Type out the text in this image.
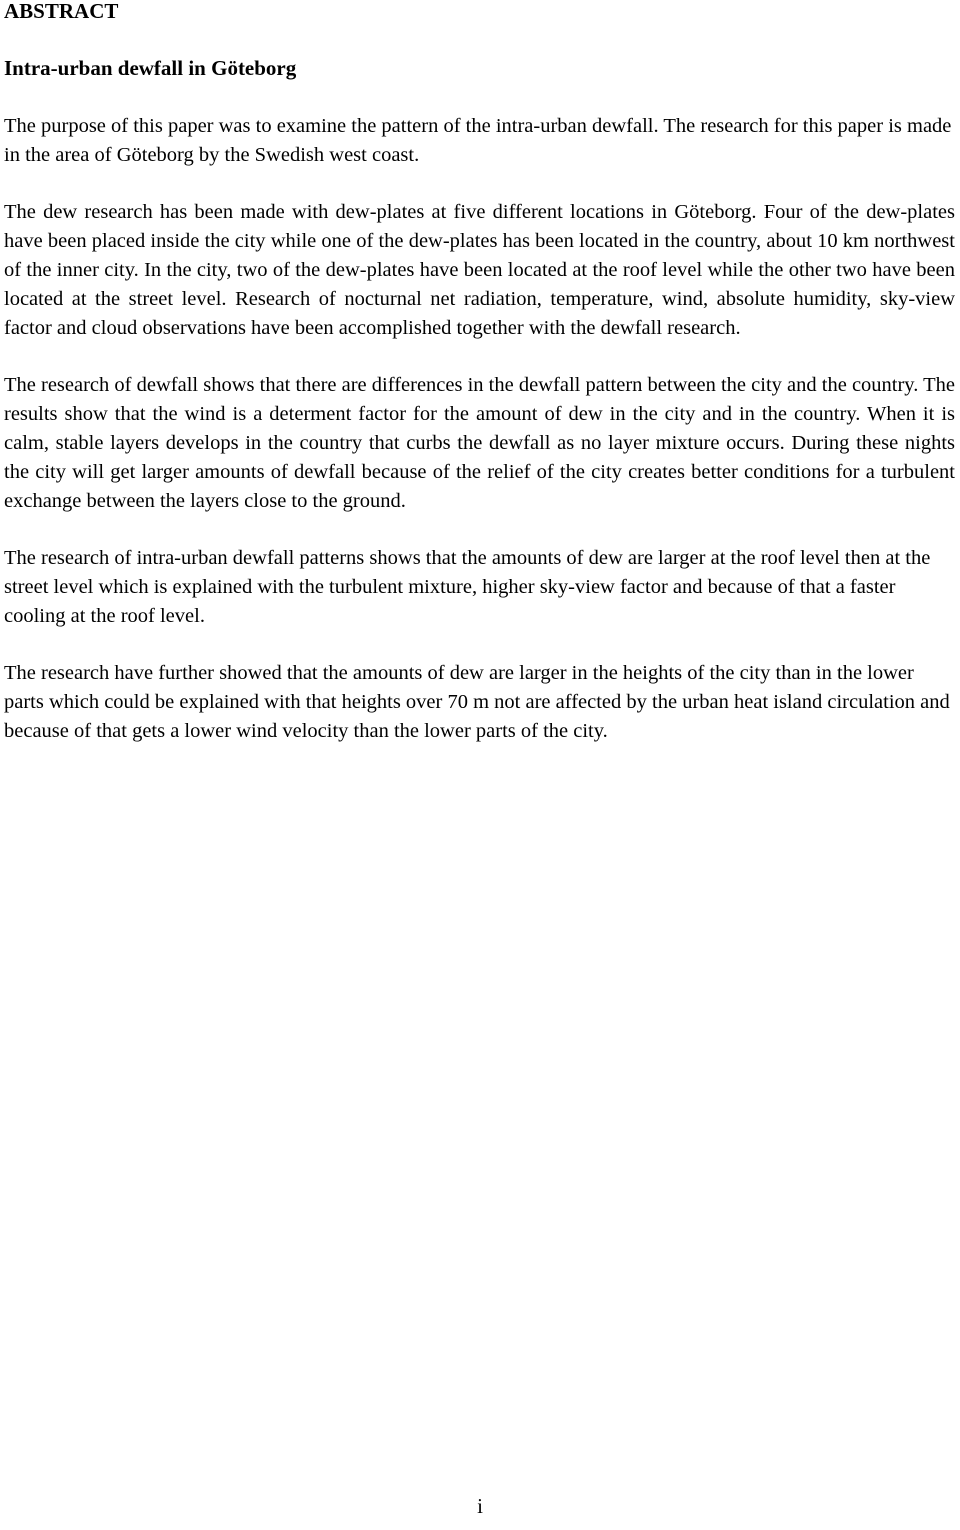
ABSTRACT
Intra-urban dewfall in Göteborg

The purpose of this paper was to examine the pattern of the intra-urban dewfall. The research for this paper is made in the area of Göteborg by the Swedish west coast.

The dew research has been made with dew-plates at five different locations in Göteborg. Four of the dew-plates have been placed inside the city while one of the dew-plates has been located in the country, about 10 km northwest of the inner city. In the city, two of the dew-plates have been located at the roof level while the other two have been located at the street level. Research of nocturnal net radiation, temperature, wind, absolute humidity, sky-view factor and cloud observations have been accomplished together with the dewfall research.

The research of dewfall shows that there are differences in the dewfall pattern between the city and the country. The results show that the wind is a determent factor for the amount of dew in the city and in the country. When it is calm, stable layers develops in the country that curbs the dewfall as no layer mixture occurs. During these nights the city will get larger amounts of dewfall because of the relief of the city creates better conditions for a turbulent exchange between the layers close to the ground.

The research of intra-urban dewfall patterns shows that the amounts of dew are larger at the roof level then at the street level which is explained with the turbulent mixture, higher sky-view factor and because of that a faster cooling at the roof level.

The research have further showed that the amounts of dew are larger in the heights of the city than in the lower parts which could be explained with that heights over 70 m not are affected by the urban heat island circulation and because of that gets a lower wind velocity than the lower parts of the city.

i
